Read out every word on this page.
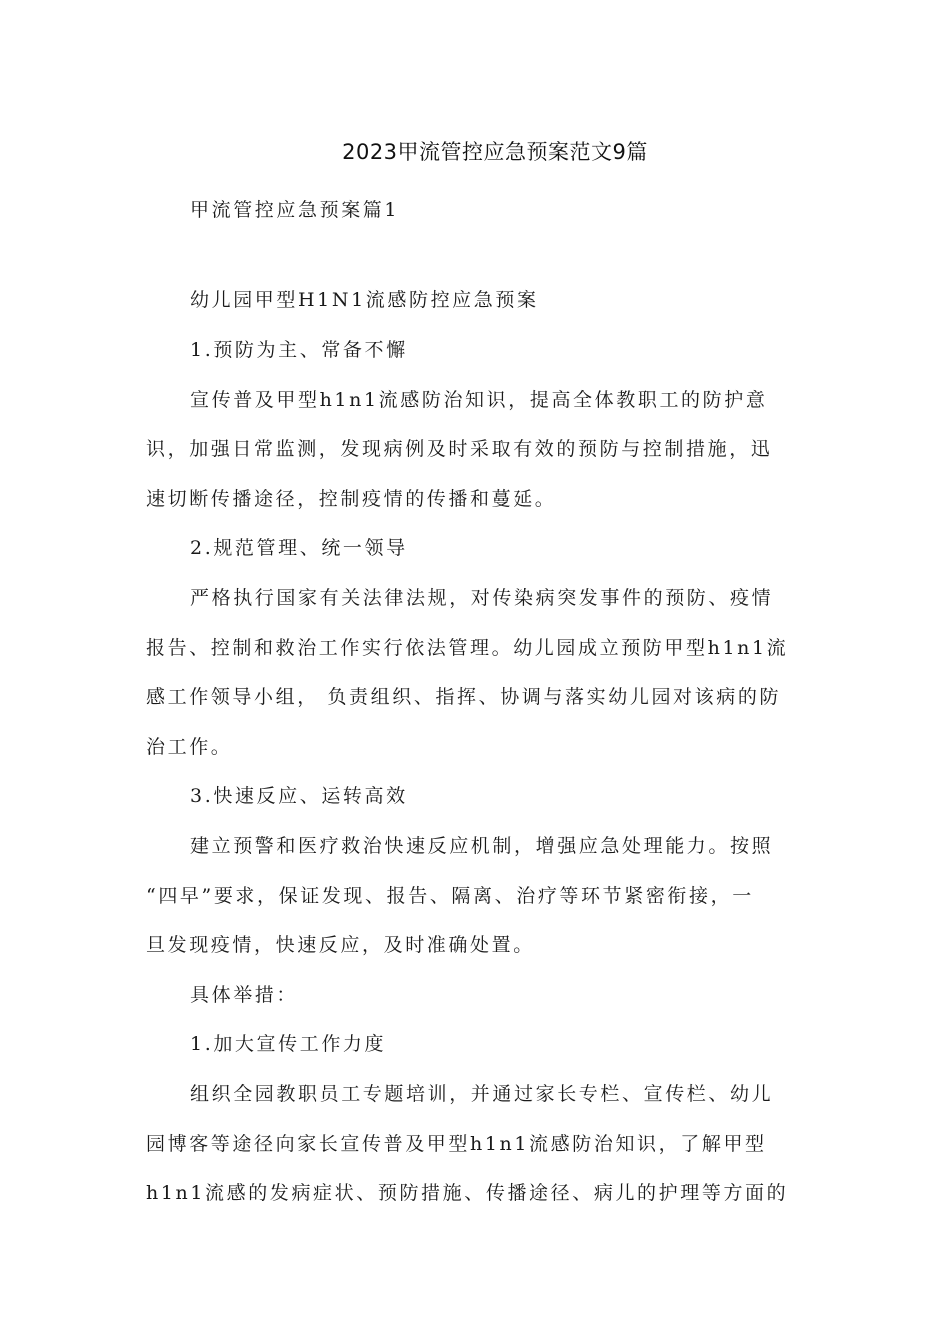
2023甲流管控应急预案范文9篇
甲流管控应急预案篇1
幼儿园甲型H1N1流感防控应急预案
1.预防为主、常备不懈
宣传普及甲型h1n1流感防治知识，提高全体教职工的防护意
识，加强日常监测，发现病例及时采取有效的预防与控制措施，迅
速切断传播途径，控制疫情的传播和蔓延。
2.规范管理、统一领导
严格执行国家有关法律法规，对传染病突发事件的预防、疫情
报告、控制和救治工作实行依法管理。幼儿园成立预防甲型h1n1流
感工作领导小组， 负责组织、指挥、协调与落实幼儿园对该病的防
治工作。
3.快速反应、运转高效
建立预警和医疗救治快速反应机制，增强应急处理能力。按照
“四早”要求，保证发现、报告、隔离、治疗等环节紧密衔接，一
旦发现疫情，快速反应，及时准确处置。
具体举措：
1.加大宣传工作力度
组织全园教职员工专题培训，并通过家长专栏、宣传栏、幼儿
园博客等途径向家长宣传普及甲型h1n1流感防治知识，了解甲型
h1n1流感的发病症状、预防措施、传播途径、病儿的护理等方面的
